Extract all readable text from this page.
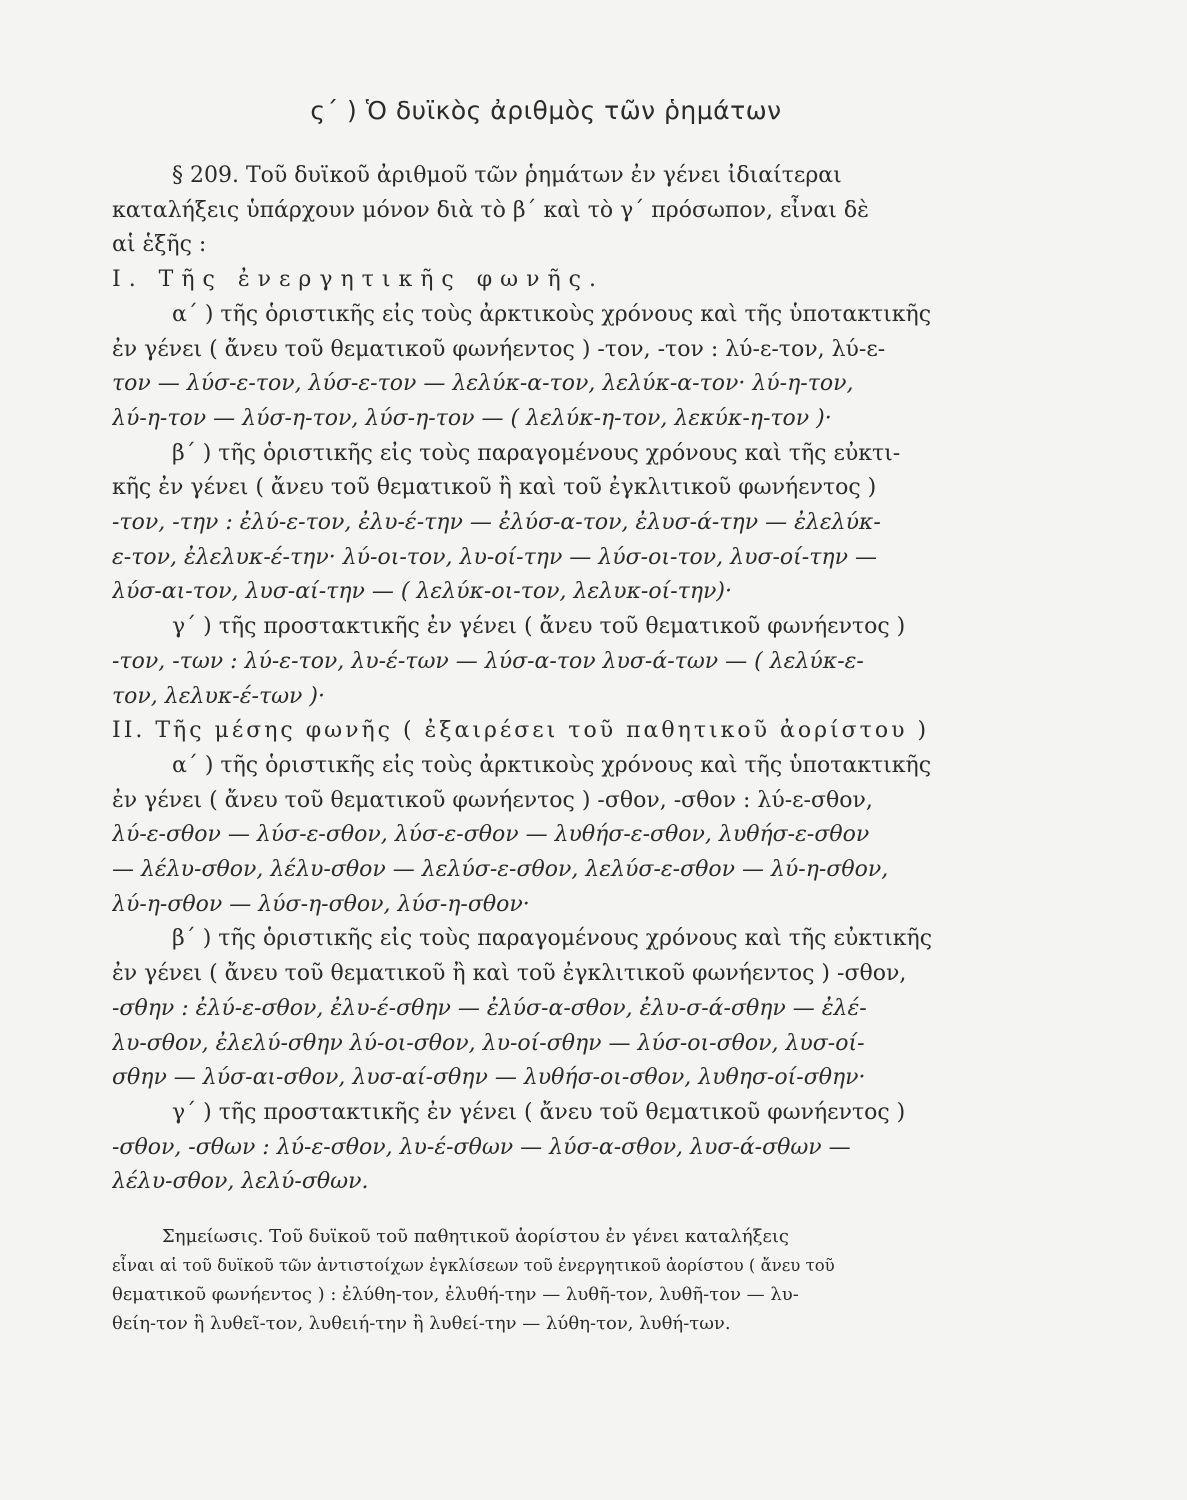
ς΄ ) Ὁ δυϊκὸς ἀριθμὸς τῶν ῥημάτων
§ 209. Τοῦ δυϊκοῦ ἀριθμοῦ τῶν ῥημάτων ἐν γένει ἰδιαίτεραι
καταλήξεις ὑπάρχουν μόνον διὰ τὸ β΄ καὶ τὸ γ΄ πρόσωπον, εἶναι δὲ
αἱ ἑξῆς :
I. Τῆς ἐνεργητικῆς φωνῆς.
α΄ ) τῆς ὁριστικῆς εἰς τοὺς ἀρκτικοὺς χρόνους καὶ τῆς ὑποτακτικῆς
ἐν γένει ( ἄνευ τοῦ θεματικοῦ φωνήεντος ) -τον, -τον : λύ-ε-τον, λύ-ε-
τον — λύσ-ε-τον, λύσ-ε-τον — λελύκ-α-τον, λελύκ-α-τον· λύ-η-τον,
λύ-η-τον — λύσ-η-τον, λύσ-η-τον — ( λελύκ-η-τον, λεκύκ-η-τον )·
β΄ ) τῆς ὁριστικῆς εἰς τοὺς παραγομένους χρόνους καὶ τῆς εὐκτι-
κῆς ἐν γένει ( ἄνευ τοῦ θεματικοῦ ἢ καὶ τοῦ ἐγκλιτικοῦ φωνήεντος )
-τον, -την : ἐλύ-ε-τον, ἐλυ-έ-την — ἐλύσ-α-τον, ἐλυσ-ά-την — ἐλελύκ-
ε-τον, ἐλελυκ-έ-την· λύ-οι-τον, λυ-οί-την — λύσ-οι-τον, λυσ-οί-την —
λύσ-αι-τον, λυσ-αί-την — ( λελύκ-οι-τον, λελυκ-οί-την)·
γ΄ ) τῆς προστακτικῆς ἐν γένει ( ἄνευ τοῦ θεματικοῦ φωνήεντος )
-τον, -των : λύ-ε-τον, λυ-έ-των — λύσ-α-τον λυσ-ά-των — ( λελύκ-ε-
τον, λελυκ-έ-των )·
II. Τῆς μέσης φωνῆς ( ἐξαιρέσει τοῦ παθητικοῦ ἀορίστου )
α΄ ) τῆς ὁριστικῆς εἰς τοὺς ἀρκτικοὺς χρόνους καὶ τῆς ὑποτακτικῆς
ἐν γένει ( ἄνευ τοῦ θεματικοῦ φωνήεντος ) -σθον, -σθον : λύ-ε-σθον,
λύ-ε-σθον — λύσ-ε-σθον, λύσ-ε-σθον — λυθήσ-ε-σθον, λυθήσ-ε-σθον
— λέλυ-σθον, λέλυ-σθον — λελύσ-ε-σθον, λελύσ-ε-σθον — λύ-η-σθον,
λύ-η-σθον — λύσ-η-σθον, λύσ-η-σθον·
β΄ ) τῆς ὁριστικῆς εἰς τοὺς παραγομένους χρόνους καὶ τῆς εὐκτικῆς
ἐν γένει ( ἄνευ τοῦ θεματικοῦ ἢ καὶ τοῦ ἐγκλιτικοῦ φωνήεντος ) -σθον,
-σθην : ἐλύ-ε-σθον, ἐλυ-έ-σθην — ἐλύσ-α-σθον, ἐλυ-σ-ά-σθην — ἐλέ-
λυ-σθον, ἐλελύ-σθην λύ-οι-σθον, λυ-οί-σθην — λύσ-οι-σθον, λυσ-οί-
σθην — λύσ-αι-σθον, λυσ-αί-σθην — λυθήσ-οι-σθον, λυθησ-οί-σθην·
γ΄ ) τῆς προστακτικῆς ἐν γένει ( ἄνευ τοῦ θεματικοῦ φωνήεντος )
-σθον, -σθων : λύ-ε-σθον, λυ-έ-σθων — λύσ-α-σθον, λυσ-ά-σθων —
λέλυ-σθον, λελύ-σθων.
Σημείωσις. Τοῦ δυϊκοῦ τοῦ παθητικοῦ ἀορίστου ἐν γένει καταλήξεις
εἶναι αἱ τοῦ δυϊκοῦ τῶν ἀντιστοίχων ἐγκλίσεων τοῦ ἐνεργητικοῦ ἀορίστου ( ἄνευ τοῦ
θεματικοῦ φωνήεντος ) : ἐλύθη-τον, ἐλυθή-την — λυθῆ-τον, λυθῆ-τον — λυ-
θείη-τον ἢ λυθεῖ-τον, λυθειή-την ἢ λυθεί-την — λύθη-τον, λυθή-των.
